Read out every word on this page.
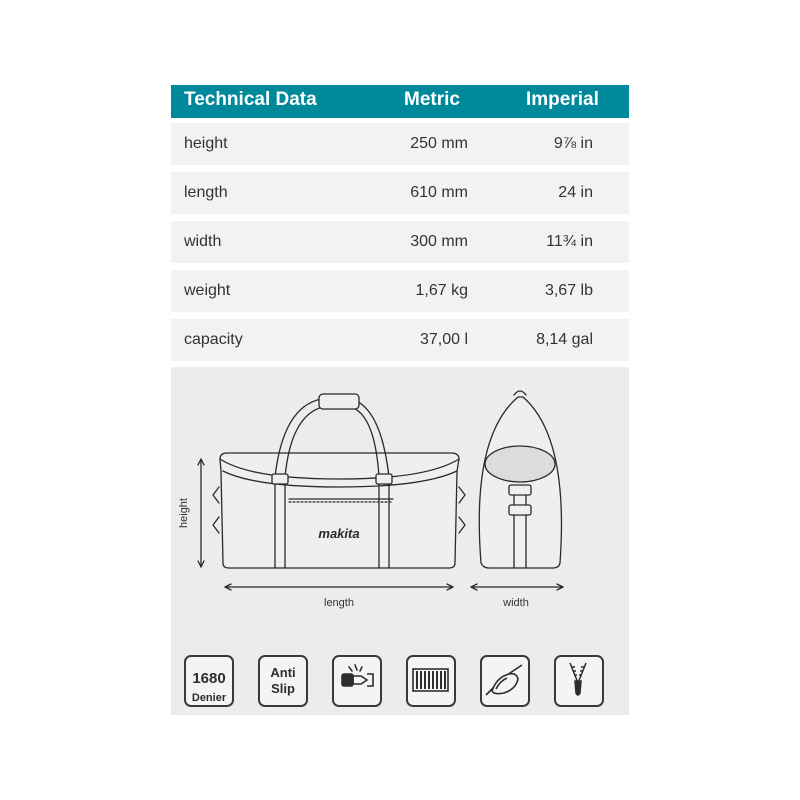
Technical Data	Metric	Imperial
height	250 mm	9⅞ in
length	610 mm	24 in
width	300 mm	11¾ in
weight	1,67 kg	3,67 lb
capacity	37,00 l	8,14 gal
makita
height
length	width
1680
Denier
Anti
Slip
